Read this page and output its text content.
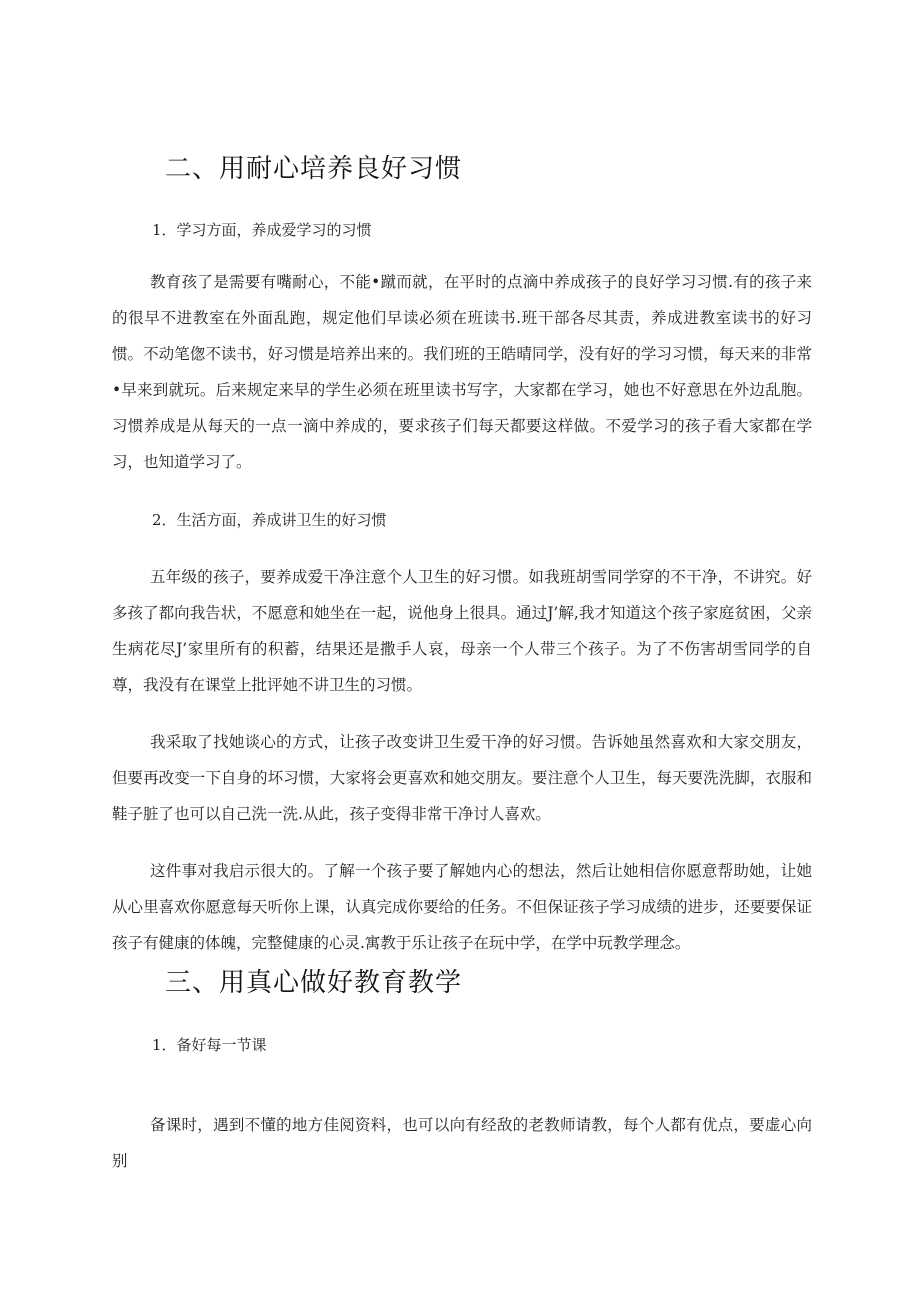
二、用耐心培养良好习惯
1．学习方面，养成爱学习的习惯

教育孩了是需要有嘴耐心，不能•蹴而就，在平时的点滴中养成孩子的良好学习习惯.有的孩子来的很早不进教室在外面乱跑，规定他们早读必须在班读书.班干部各尽其责，养成进教室读书的好习惯。不动笔偬不读书，好习惯是培养出来的。我们班的王皓晴同学，没有好的学习习惯，每天来的非常•早来到就玩。后来规定来早的学生必须在班里读书写字，大家都在学习，她也不好意思在外边乱胞。习惯养成是从每天的一点一滴中养成的，要求孩子们每天都要这样做。不爱学习的孩子看大家都在学习，也知道学习了。

2．生活方面，养成讲卫生的好习惯

五年级的孩子，要养成爱干净注意个人卫生的好习惯。如我班胡雪同学穿的不干净，不讲究。好多孩了都向我告状，不愿意和她坐在一起，说他身上很具。通过J’解,我才知道这个孩子家庭贫困，父亲生病花尽J’家里所有的积蓄，结果还是撒手人哀，母亲一个人带三个孩子。为了不伤害胡雪同学的自尊，我没有在课堂上批评她不讲卫生的习惯。

我采取了找她谈心的方式，让孩子改变讲卫生爱干净的好习惯。告诉她虽然喜欢和大家交朋友，但要再改变一下自身的坏习惯，大家将会更喜欢和她交朋友。要注意个人卫生，每天要洗洗脚，衣服和鞋子脏了也可以自己洗一洗.从此，孩子变得非常干净讨人喜欢。

这件事对我启示很大的。了解一个孩子要了解她内心的想法，然后让她相信你愿意帮助她，让她从心里喜欢你愿意每天听你上课，认真完成你要给的任务。不但保证孩子学习成绩的进步，还要要保证孩子有健康的体魄，完整健康的心灵.寓教于乐让孩子在玩中学，在学中玩教学理念。

三、用真心做好教育教学
1．备好每一节课

备课时，遇到不懂的地方佳阅资料，也可以向有经敌的老教师请教，每个人都有优点，要虚心向别
